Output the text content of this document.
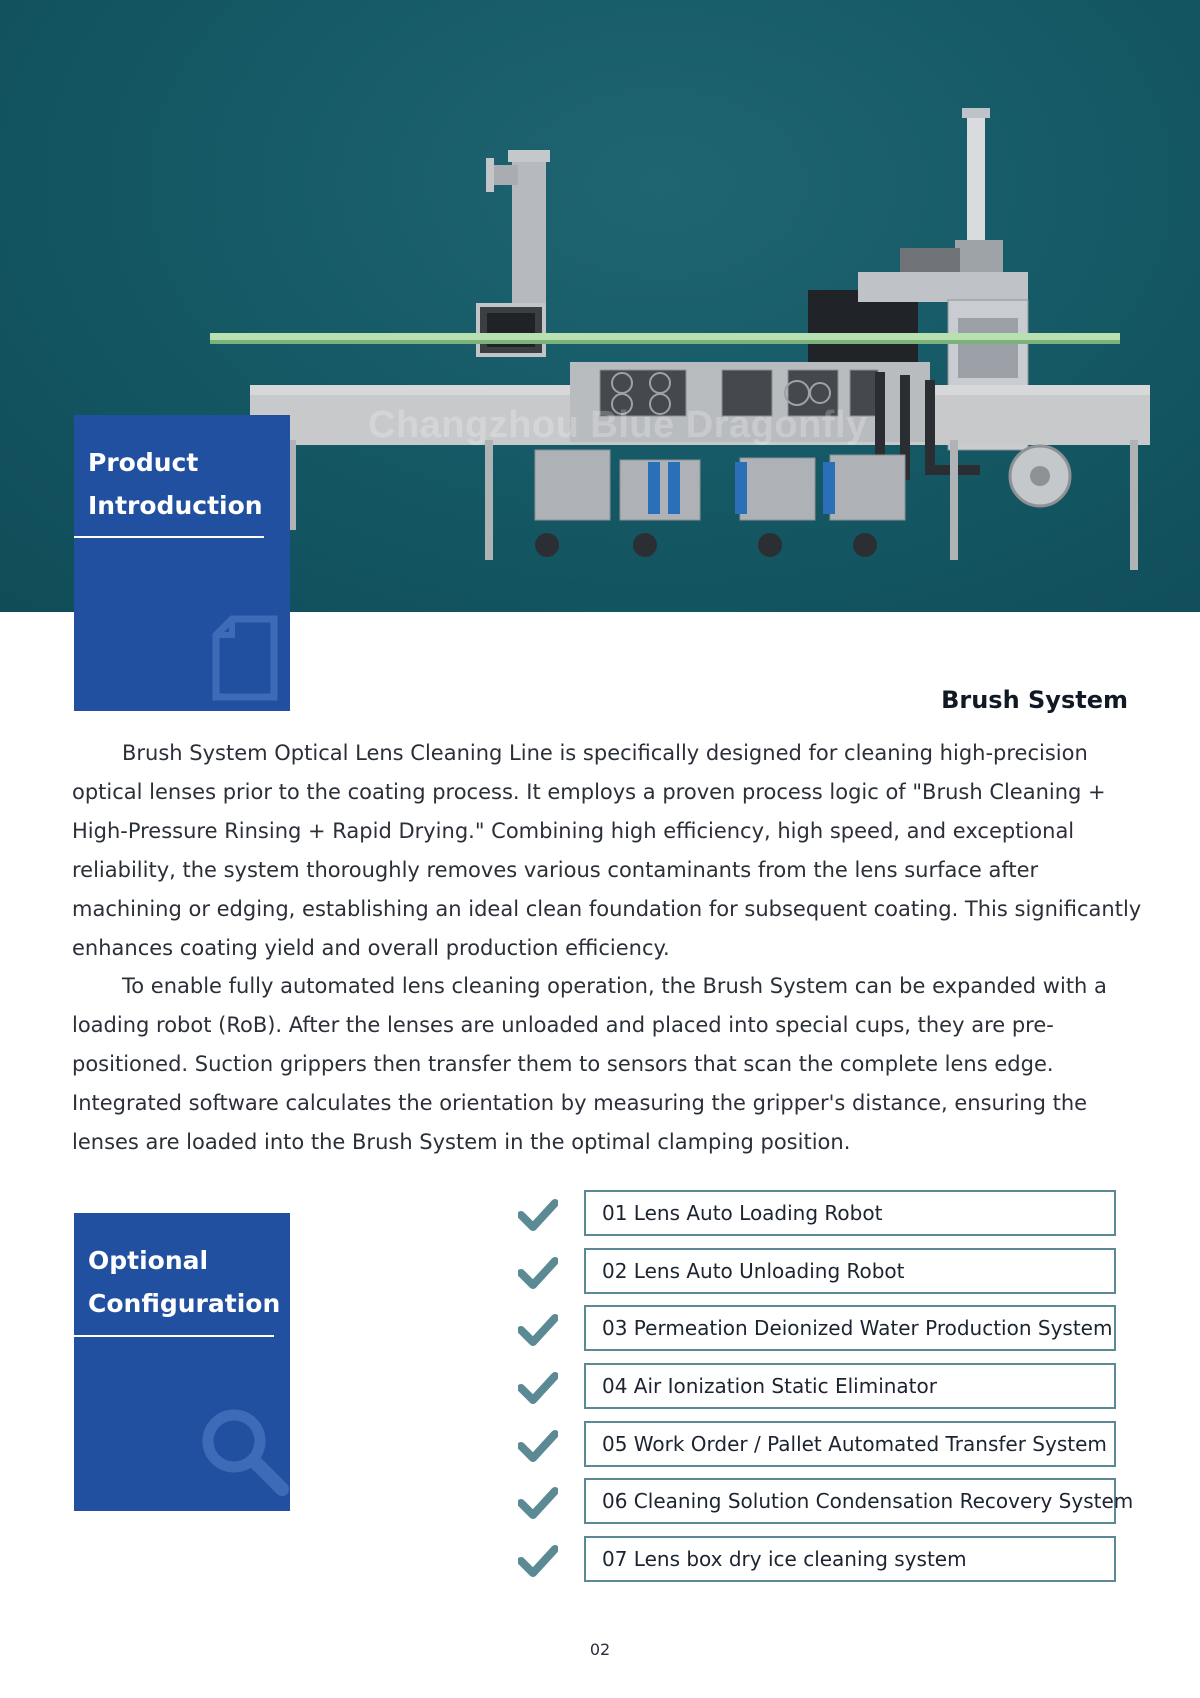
Changzhou Blue Dragonfly
Product
Introduction
Brush System

Brush System Optical Lens Cleaning Line is specifically designed for cleaning high-precision optical lenses prior to the coating process. It employs a proven process logic of "Brush Cleaning + High-Pressure Rinsing + Rapid Drying." Combining high efficiency, high speed, and exceptional reliability, the system thoroughly removes various contaminants from the lens surface after machining or edging, establishing an ideal clean foundation for subsequent coating. This significantly enhances coating yield and overall production efficiency.

To enable fully automated lens cleaning operation, the Brush System can be expanded with a loading robot (RoB). After the lenses are unloaded and placed into special cups, they are pre-positioned. Suction grippers then transfer them to sensors that scan the complete lens edge. Integrated software calculates the orientation by measuring the gripper's distance, ensuring the lenses are loaded into the Brush System in the optimal clamping position.

Optional
Configuration
01 Lens Auto Loading Robot
02 Lens Auto Unloading Robot
03 Permeation Deionized Water Production System
04 Air Ionization Static Eliminator
05 Work Order / Pallet Automated Transfer System
06 Cleaning Solution Condensation Recovery System
07 Lens box dry ice cleaning system
02
